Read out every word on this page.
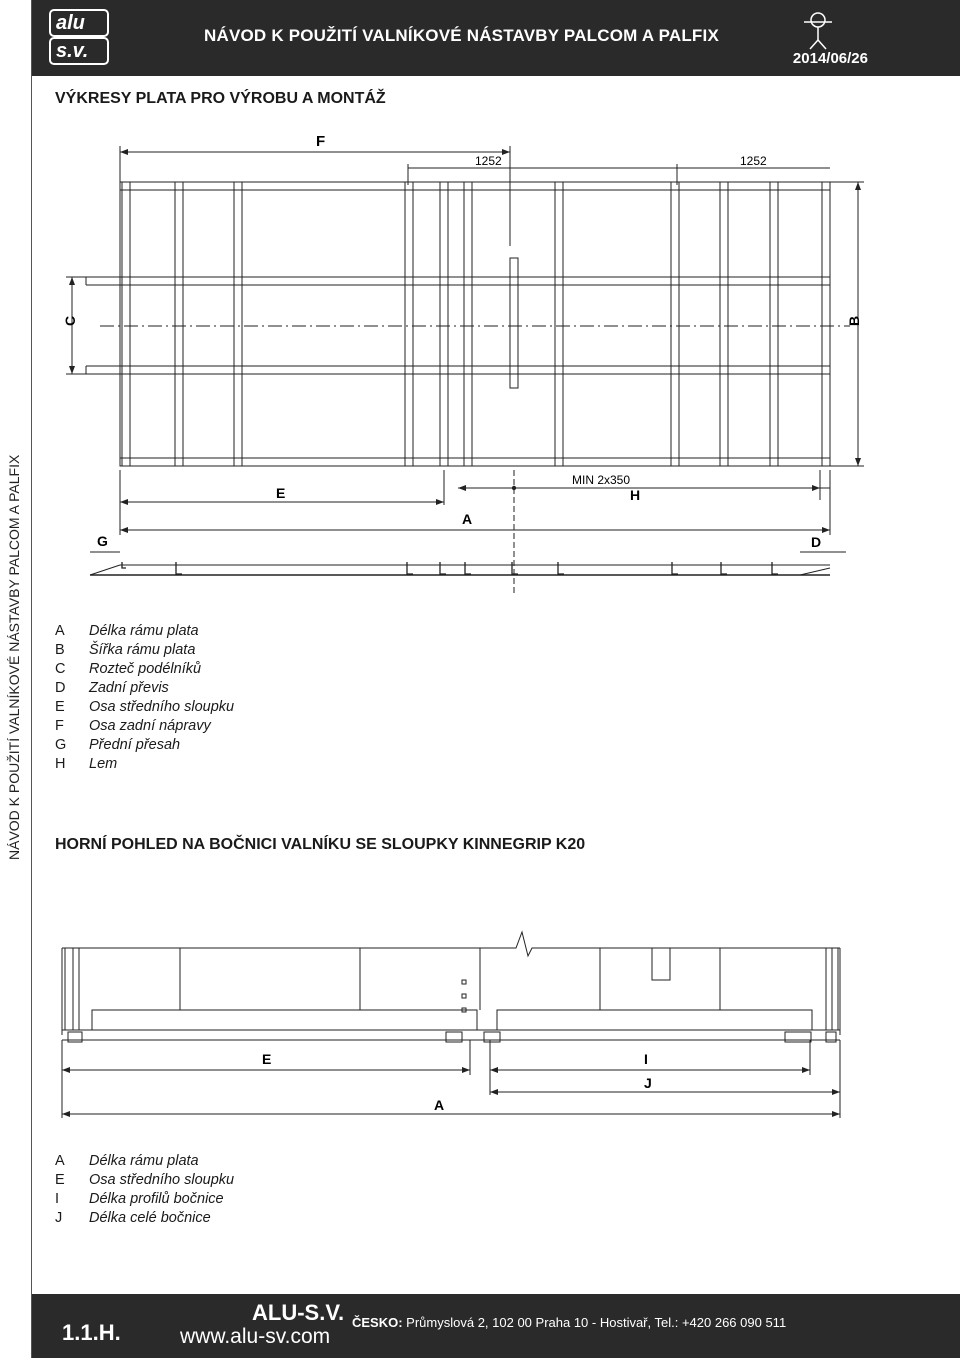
alu
s.v.
NÁVOD K POUŽITÍ VALNÍKOVÉ NÁSTAVBY PALCOM A PALFIX
2014/06/26
NÁVOD K POUŽITÍ VALNÍKOVÉ NÁSTAVBY PALCOM A PALFIX
VÝKRESY PLATA PRO VÝROBU A MONTÁŽ
F
1252	1252
C	B
E
MIN 2x350
H
A
G	D
A	Délka rámu plata
B	Šířka rámu plata
C	Rozteč podélníků
D	Zadní převis
E	Osa středního sloupku
F	Osa zadní nápravy
G	Přední přesah
H	Lem
HORNÍ POHLED NA BOČNICI VALNÍKU SE SLOUPKY KINNEGRIP K20
E	I
J
A
A	Délka rámu plata
E	Osa středního sloupku
I	Délka profilů bočnice
J	Délka celé bočnice
1.1.H.
ALU-S.V.
www.alu-sv.com
ČESKO: Průmyslová 2, 102 00 Praha 10 - Hostivař, Tel.: +420 266 090 511
